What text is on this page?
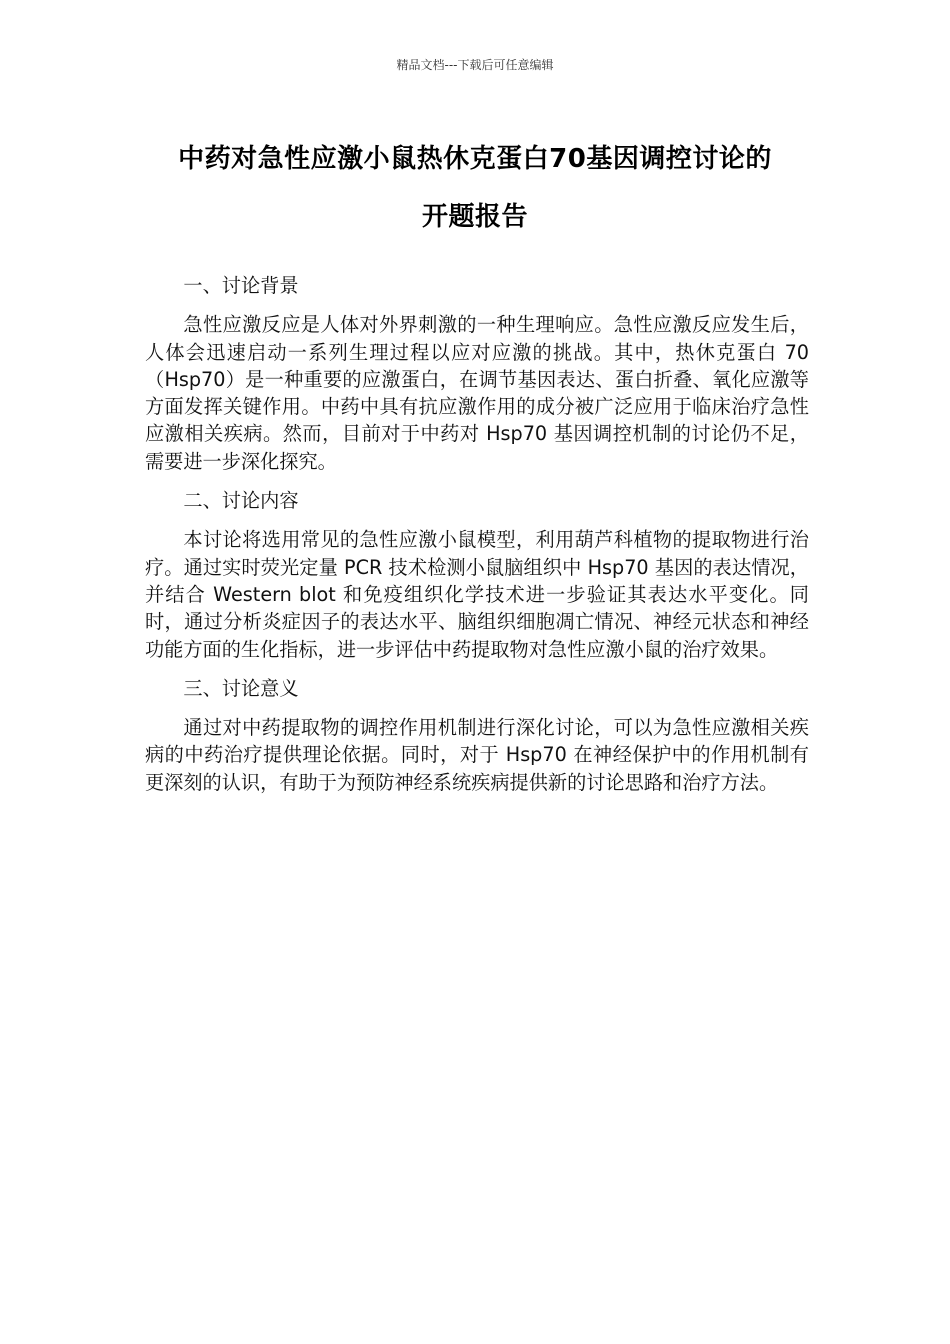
精品文档---下载后可任意编辑
中药对急性应激小鼠热休克蛋白70基因调控讨论的
开题报告

一、讨论背景

急性应激反应是人体对外界刺激的一种生理响应。急性应激反应发生后，人体会迅速启动一系列生理过程以应对应激的挑战。其中，热休克蛋白 70（Hsp70）是一种重要的应激蛋白，在调节基因表达、蛋白折叠、氧化应激等方面发挥关键作用。中药中具有抗应激作用的成分被广泛应用于临床治疗急性应激相关疾病。然而，目前对于中药对 Hsp70 基因调控机制的讨论仍不足，需要进一步深化探究。

二、讨论内容

本讨论将选用常见的急性应激小鼠模型，利用葫芦科植物的提取物进行治疗。通过实时荧光定量 PCR 技术检测小鼠脑组织中 Hsp70 基因的表达情况，并结合 Western blot 和免疫组织化学技术进一步验证其表达水平变化。同时，通过分析炎症因子的表达水平、脑组织细胞凋亡情况、神经元状态和神经功能方面的生化指标，进一步评估中药提取物对急性应激小鼠的治疗效果。

三、讨论意义

通过对中药提取物的调控作用机制进行深化讨论，可以为急性应激相关疾病的中药治疗提供理论依据。同时，对于 Hsp70 在神经保护中的作用机制有更深刻的认识，有助于为预防神经系统疾病提供新的讨论思路和治疗方法。
